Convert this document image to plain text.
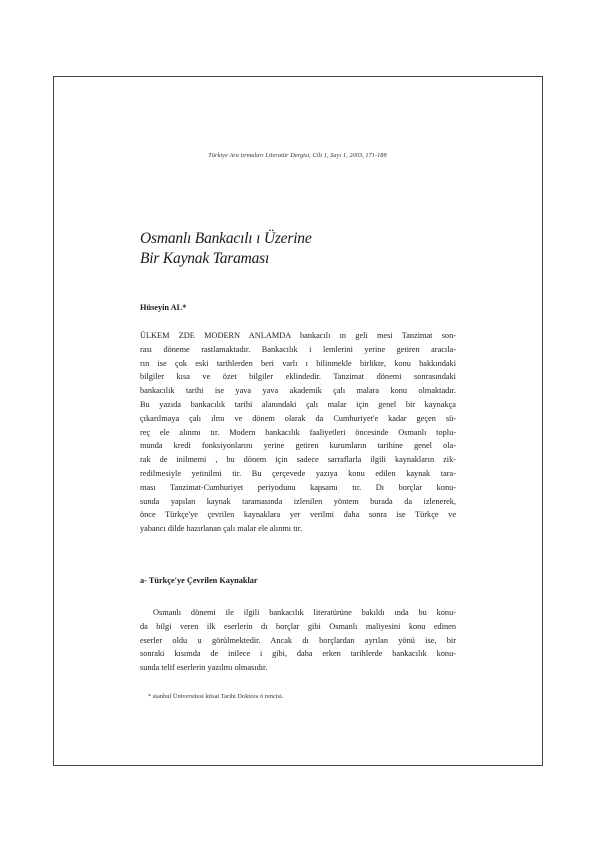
Türkiye Ara tırmaları Literatür Dergisi, Cilt 1, Sayı 1, 2003, 171-188
Osmanlı Bankacılı ı Üzerine
Bir Kaynak Taraması
Hüseyin AL*
ÜLKEM ZDE MODERN ANLAMDA bankacılı ın geli mesi Tanzimat son-
rası döneme rastlamaktadır. Bankacılık i lemlerini yerine getiren aracıla-
rın ise çok eski tarihlerden beri varlı ı bilinmekle birlikte, konu hakkındaki
bilgiler kısa ve özet bilgiler eklindedir. Tanzimat dönemi sonrasındaki
bankacılık tarihi ise yava yava akademik çalı malara konu olmaktadır.
Bu yazıda bankacılık tarihi alanındaki çalı malar için genel bir kaynakça
çıkarılmaya çalı ılmı ve dönem olarak da Cumhuriyet'e kadar geçen sü-
reç ele alınmı tır. Modern bankacılık faaliyetleri öncesinde Osmanlı toplu-
munda kredi fonksiyonlarını yerine getiren kurumların tarihine genel ola-
rak de inilmemi , bu dönem için sadece sarraflarla ilgili kaynakların zik-
redilmesiyle yetinilmi tir. Bu çerçevede yazıya konu edilen kaynak tara-
ması Tanzimat-Cumhuriyet periyodunu kapsamı tır. Dı borçlar konu-
sunda yapılan kaynak taramasında izlenilen yöntem burada da izlenerek,
önce Türkçe'ye çevrilen kaynaklara yer verilmi daha sonra ise Türkçe ve
yabancı dilde hazırlanan çalı malar ele alınmı tır.
a- Türkçe'ye Çevrilen Kaynaklar
Osmanlı dönemi ile ilgili bankacılık literatürüne bakıldı ında bu konu-
da bilgi veren ilk eserlerin dı borçlar gibi Osmanlı maliyesini konu edinen
eserler oldu u görülmektedir. Ancak dı borçlardan ayrılan yönü ise, bir
sonraki kısımda de inilece i gibi, daha erken tarihlerde bankacılık konu-
sunda telif eserlerin yazılmı olmasıdır.
* stanbul Üniversitesi ktisat Tarihi Doktora ö rencisi.
